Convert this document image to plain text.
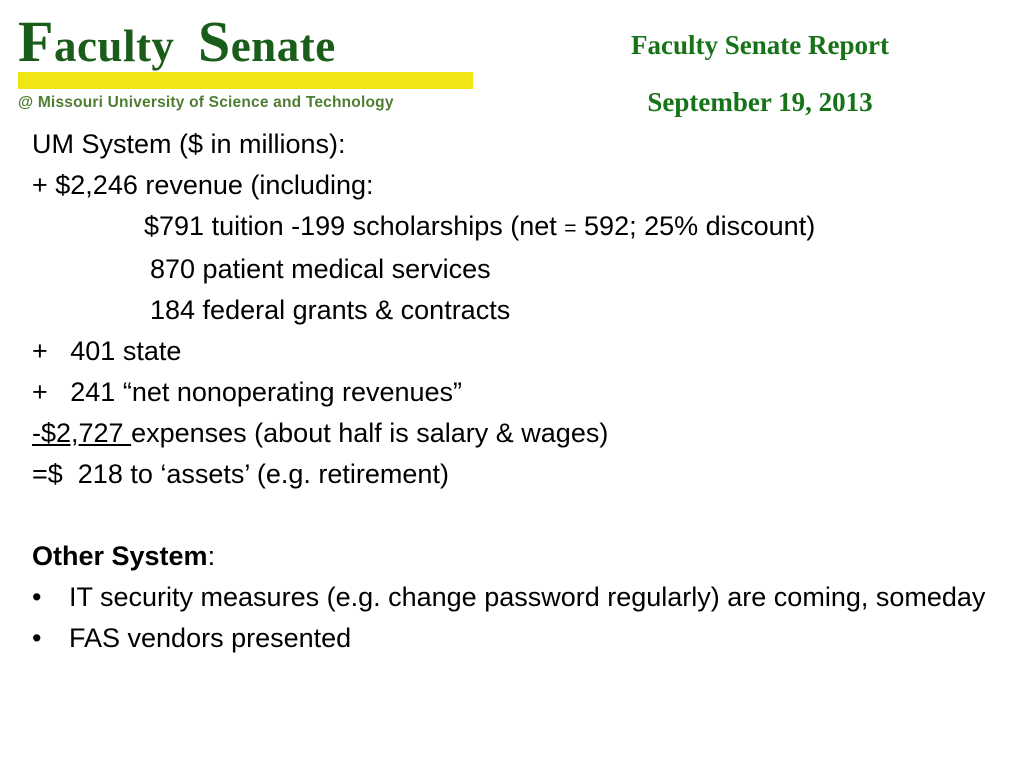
Faculty Senate
@ Missouri University of Science and Technology
Faculty Senate Report
September 19, 2013
UM System ($ in millions):
+ $2,246 revenue (including:
$791 tuition -199 scholarships (net = 592; 25% discount)
870 patient medical services
184 federal grants & contracts
+   401 state
+   241 “net nonoperating revenues”
-$2,727 expenses (about half is salary & wages)
=$  218 to ‘assets’ (e.g. retirement)
Other System:
•	IT security measures (e.g. change password regularly) are coming, someday
•	FAS vendors presented
